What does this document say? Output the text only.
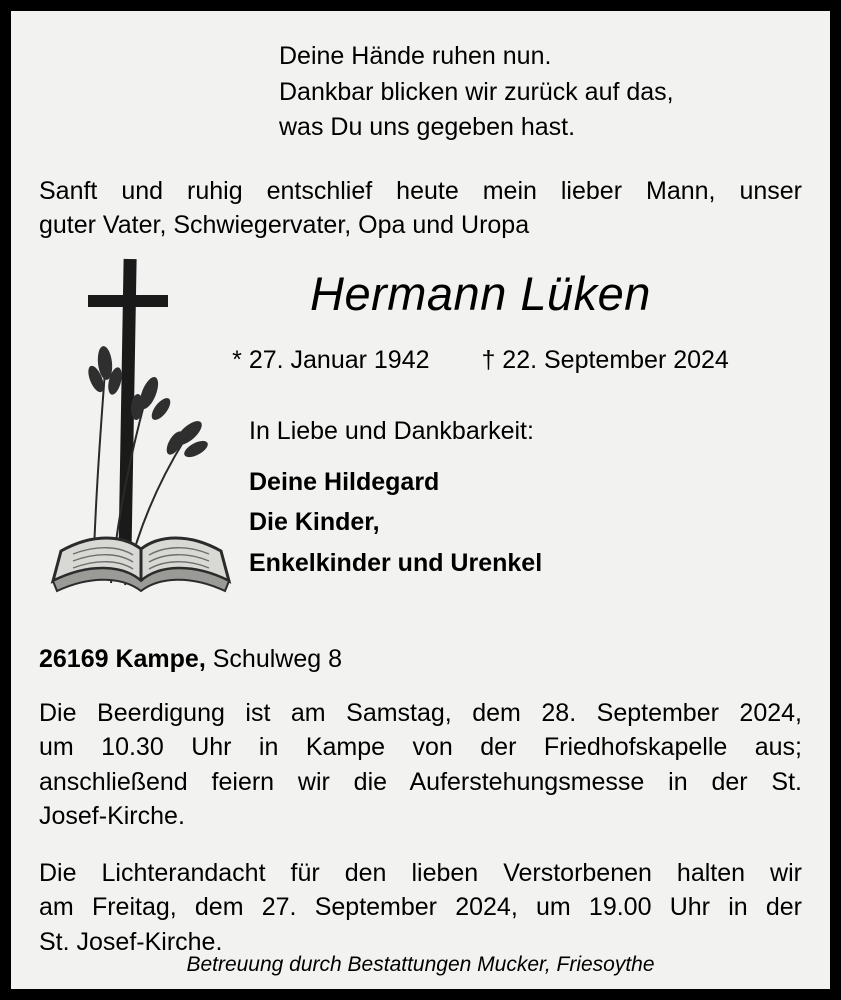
Deine Hände ruhen nun.
Dankbar blicken wir zurück auf das,
was Du uns gegeben hast.
Sanft und ruhig entschlief heute mein lieber Mann, unser
guter Vater, Schwiegervater, Opa und Uropa
Hermann Lüken
* 27. Januar 1942 † 22. September 2024
In Liebe und Dankbarkeit:
Deine Hildegard
Die Kinder,
Enkelkinder und Urenkel
26169 Kampe, Schulweg 8
Die Beerdigung ist am Samstag, dem 28. September 2024,
um 10.30 Uhr in Kampe von der Friedhofskapelle aus;
anschließend feiern wir die Auferstehungsmesse in der St.
Josef-Kirche.
Die Lichterandacht für den lieben Verstorbenen halten wir
am Freitag, dem 27. September 2024, um 19.00 Uhr in der
St. Josef-Kirche.
Betreuung durch Bestattungen Mucker, Friesoythe
